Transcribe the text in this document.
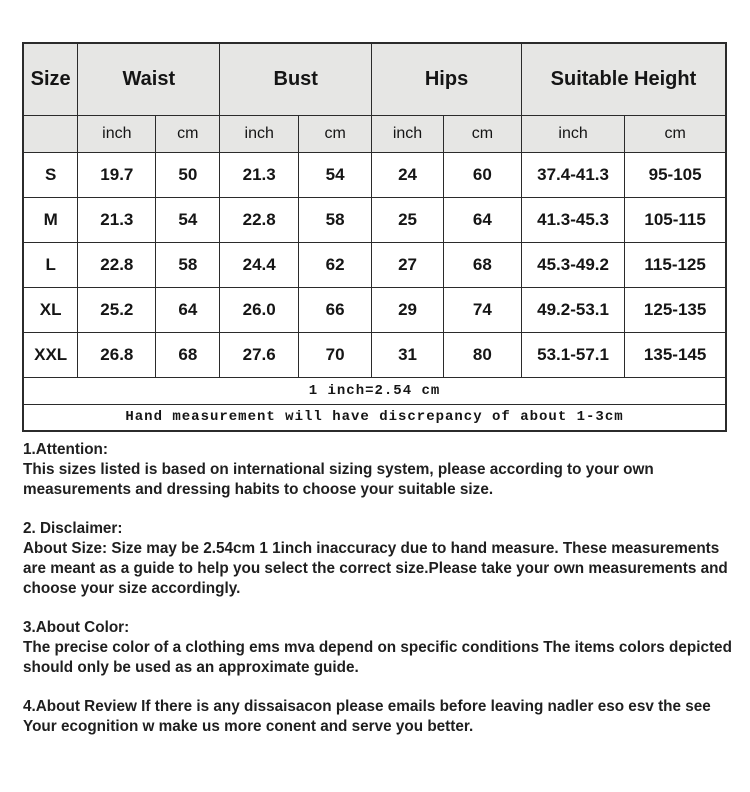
Size	Waist		Bust		Hips		Suitable Height	
	inch	cm	inch	cm	inch	cm	inch	cm
S	19.7	50	21.3	54	24	60	37.4-41.3	95-105
M	21.3	54	22.8	58	25	64	41.3-45.3	105-115
L	22.8	58	24.4	62	27	68	45.3-49.2	115-125
XL	25.2	64	26.0	66	29	74	49.2-53.1	125-135
XXL	26.8	68	27.6	70	31	80	53.1-57.1	135-145
1 inch=2.54 cm								
Hand measurement will have discrepancy of about 1-3cm								

1.Attention:

This sizes listed is based on international sizing system, please according to your own measurements and dressing habits to choose your suitable size.

2. Disclaimer:

About Size: Size may be 2.54cm 1 1inch inaccuracy due to hand measure. These measurements are meant as a guide to help you select the correct size.Please take your own measurements and choose your size accordingly.

3.About Color:

The precise color of a clothing ems mva depend on specific conditions The items colors depicted should only be used as an approximate guide.

4.About Review If there is any dissaisacon please emails before leaving nadler eso esv the see Your ecognition w make us more conent and serve you better.
